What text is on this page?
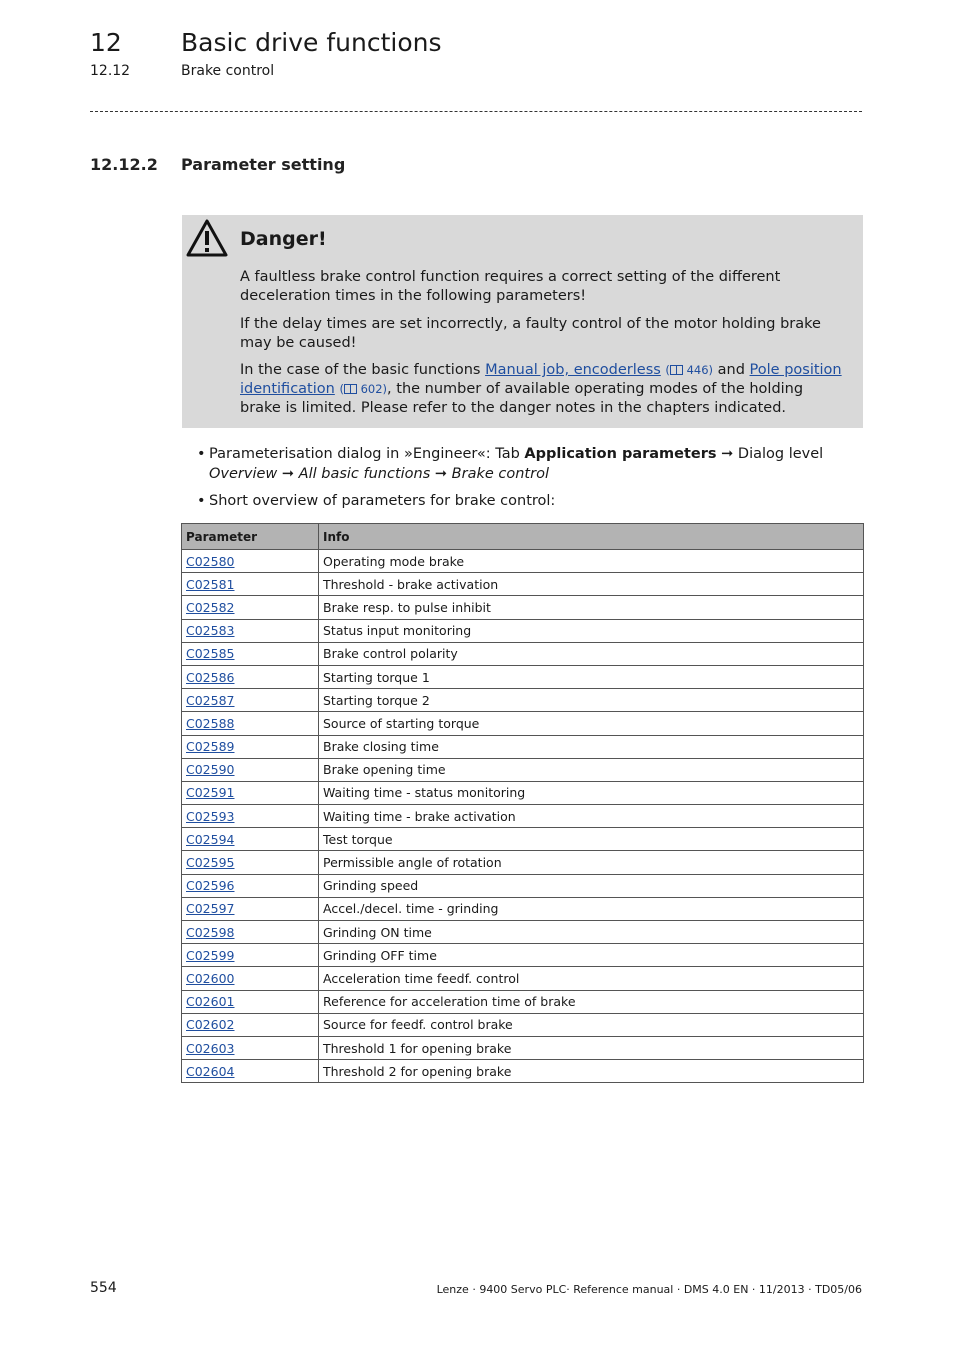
12 Basic drive functions
12.12	Brake control
12.12.2 Parameter setting
Danger!
A faultless brake control function requires a correct setting of the different deceleration times in the following parameters!
If the delay times are set incorrectly, a faulty control of the motor holding brake may be caused!
In the case of the basic functions Manual job, encoderless ( 446) and Pole position identification ( 602), the number of available operating modes of the holding brake is limited. Please refer to the danger notes in the chapters indicated.
• Parameterisation dialog in »Engineer«: Tab Application parameters ➞ Dialog level Overview ➞ All basic functions ➞ Brake control
• Short overview of parameters for brake control:
Parameter	Info
C02580	Operating mode brake
C02581	Threshold - brake activation
C02582	Brake resp. to pulse inhibit
C02583	Status input monitoring
C02585	Brake control polarity
C02586	Starting torque 1
C02587	Starting torque 2
C02588	Source of starting torque
C02589	Brake closing time
C02590	Brake opening time
C02591	Waiting time - status monitoring
C02593	Waiting time - brake activation
C02594	Test torque
C02595	Permissible angle of rotation
C02596	Grinding speed
C02597	Accel./decel. time - grinding
C02598	Grinding ON time
C02599	Grinding OFF time
C02600	Acceleration time feedf. control
C02601	Reference for acceleration time of brake
C02602	Source for feedf. control brake
C02603	Threshold 1 for opening brake
C02604	Threshold 2 for opening brake
554	Lenze · 9400 Servo PLC· Reference manual · DMS 4.0 EN · 11/2013 · TD05/06
